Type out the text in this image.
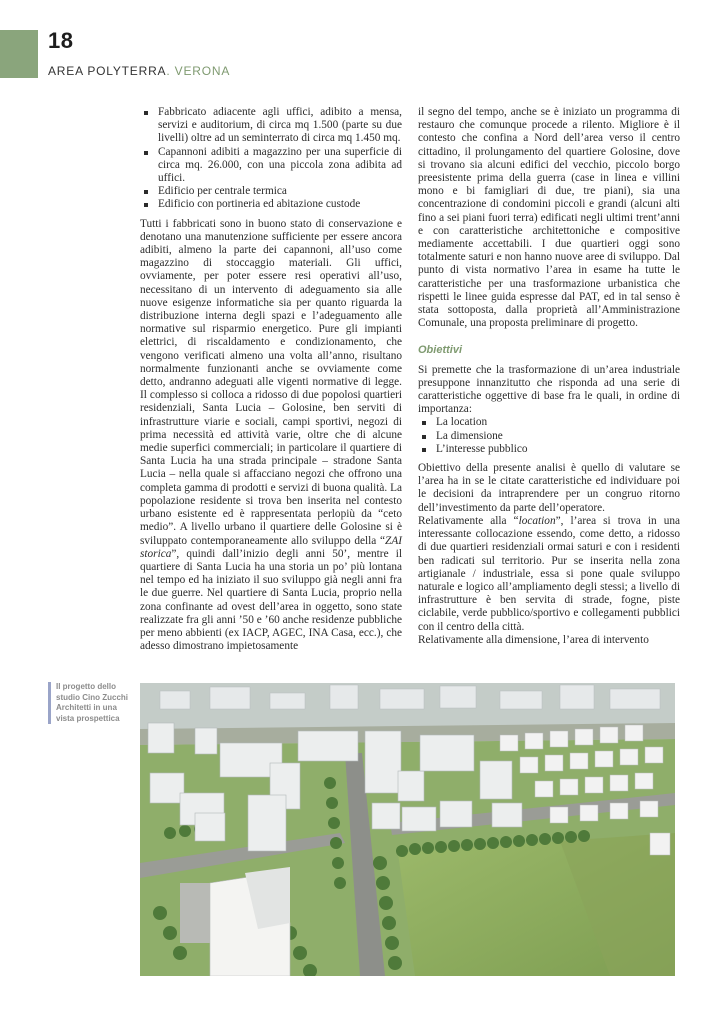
18
AREA POLYTERRA. VERONA
Fabbricato adiacente agli uffici, adibito a mensa, servizi e auditorium, di circa mq 1.500 (parte su due livelli) oltre ad un seminterrato di circa mq 1.450 mq.
Capannoni adibiti a magazzino per una superficie di circa mq. 26.000, con una piccola zona adibita ad uffici.
Edificio per centrale termica
Edificio con portineria ed abitazione custode

Tutti i fabbricati sono in buono stato di conservazione e denotano una manutenzione sufficiente per essere ancora adibiti, almeno la parte dei capannoni, all’uso come magazzino di stoccaggio materiali. Gli uffici, ovviamente, per poter essere resi operativi all’uso, necessitano di un intervento di adeguamento sia alle nuove esigenze informatiche sia per quanto riguarda la distribuzione interna degli spazi e l’adeguamento alle normative sul risparmio energetico. Pure gli impianti elettrici, di riscaldamento e condizionamento, che vengono verificati almeno una volta all’anno, risultano normalmente funzionanti anche se ovviamente come detto, andranno adeguati alle vigenti normative di legge. Il complesso si colloca a ridosso di due popolosi quartieri residenziali, Santa Lucia – Golosine, ben serviti di infrastrutture viarie e sociali, campi sportivi, negozi di prima necessità ed attività varie, oltre che di alcune medie superfici commerciali; in particolare il quartiere di Santa Lucia ha una strada principale – stradone Santa Lucia – nella quale si affacciano negozi che offrono una completa gamma di prodotti e servizi di buona qualità. La popolazione residente si trova ben inserita nel contesto urbano esistente ed è rappresentata perlopiù da “ceto medio”. A livello urbano il quartiere delle Golosine si è sviluppato contemporaneamente allo sviluppo della “ZAI storica”, quindi dall’inizio degli anni 50’, mentre il quartiere di Santa Lucia ha una storia un po’ più lontana nel tempo ed ha iniziato il suo sviluppo già negli anni fra le due guerre. Nel quartiere di Santa Lucia, proprio nella zona confinante ad ovest dell’area in oggetto, sono state realizzate fra gli anni ’50 e ’60 anche residenze pubbliche per meno abbienti (ex IACP, AGEC, INA Casa, ecc.), che adesso dimostrano impietosamente

il segno del tempo, anche se è iniziato un programma di restauro che comunque procede a rilento. Migliore è il contesto che confina a Nord dell’area verso il centro cittadino, il prolungamento del quartiere Golosine, dove si trovano sia alcuni edifici del vecchio, piccolo borgo preesistente prima della guerra (case in linea e villini mono e bi famigliari di due, tre piani), sia una concentrazione di condomini piccoli e grandi (alcuni alti fino a sei piani fuori terra) edificati negli ultimi trent’anni e con caratteristiche architettoniche e compositive mediamente accettabili. I due quartieri oggi sono totalmente saturi e non hanno nuove aree di sviluppo. Dal punto di vista normativo l’area in esame ha tutte le caratteristiche per una trasformazione urbanistica che rispetti le linee guida espresse dal PAT, ed in tal senso è stata sottoposta, dalla proprietà all’Amministrazione Comunale, una proposta preliminare di progetto.

Obiettivi

Si premette che la trasformazione di un’area industriale presuppone innanzitutto che risponda ad una serie di caratteristiche oggettive di base fra le quali, in ordine di importanza:

La location
La dimensione
L’interesse pubblico

Obiettivo della presente analisi è quello di valutare se l’area ha in se le citate caratteristiche ed individuare poi le decisioni da intraprendere per un congruo ritorno dell’investimento da parte dell’operatore.

Relativamente alla “location”, l’area si trova in una interessante collocazione essendo, come detto, a ridosso di due quartieri residenziali ormai saturi e con i residenti ben radicati sul territorio. Pur se inserita nella zona artigianale / industriale, essa si pone quale sviluppo naturale e logico all’ampliamento degli stessi; a livello di infrastrutture è ben servita di strade, fogne, piste ciclabile, verde pubblico/sportivo e collegamenti pubblici con il centro della città.

Relativamente alla dimensione, l’area di intervento

Il progetto dello studio Cino Zucchi Architetti in una vista prospettica
